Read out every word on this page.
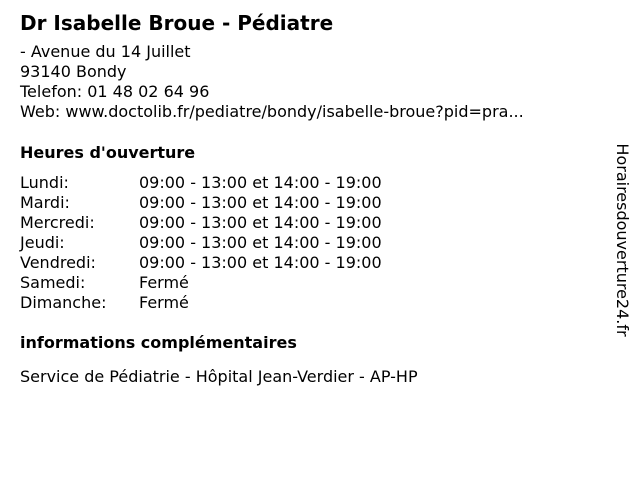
Dr Isabelle Broue - Pédiatre
- Avenue du 14 Juillet
93140 Bondy
Telefon: 01 48 02 64 96
Web: www.doctolib.fr/pediatre/bondy/isabelle-broue?pid=pra...
Heures d'ouverture
Lundi:	09:00 - 13:00 et 14:00 - 19:00
Mardi:	09:00 - 13:00 et 14:00 - 19:00
Mercredi:	09:00 - 13:00 et 14:00 - 19:00
Jeudi:	09:00 - 13:00 et 14:00 - 19:00
Vendredi:	09:00 - 13:00 et 14:00 - 19:00
Samedi:	Fermé
Dimanche:	Fermé
informations complémentaires
Service de Pédiatrie - Hôpital Jean-Verdier - AP-HP
Horairesdouverture24.fr
